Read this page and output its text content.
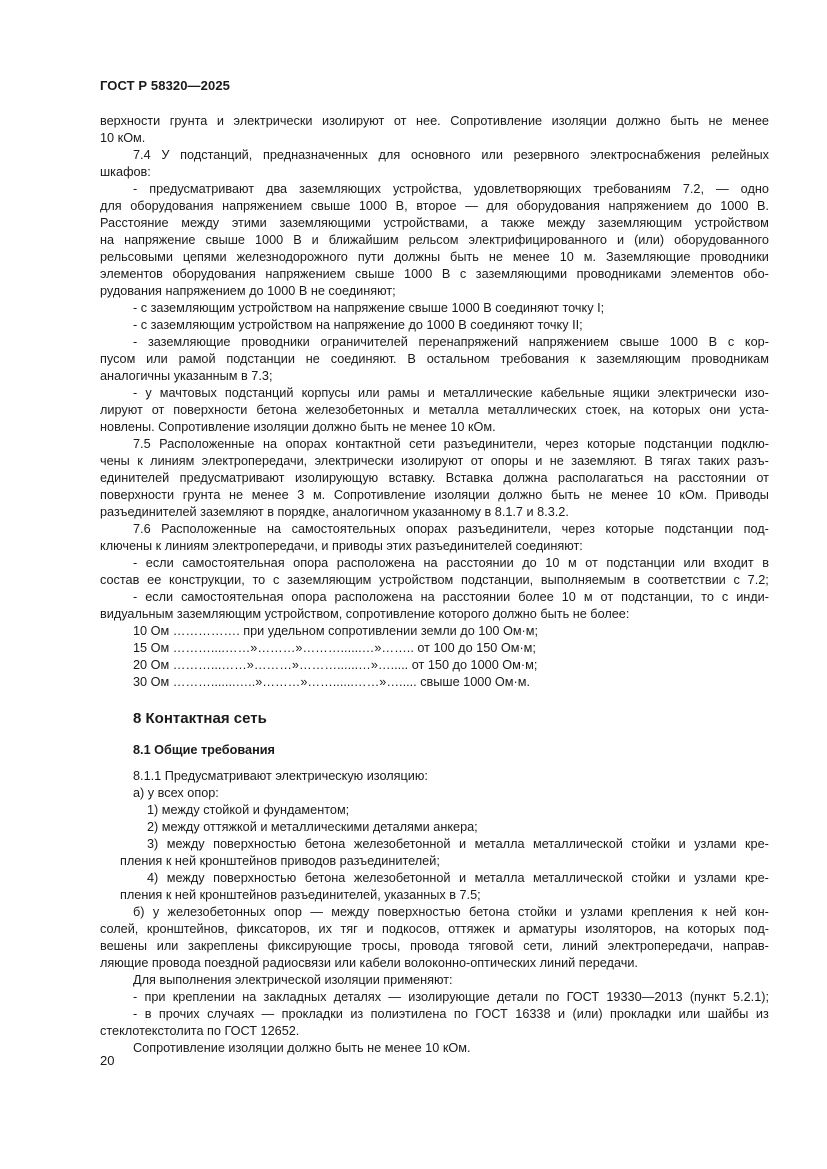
ГОСТ Р 58320—2025
верхности грунта и электрически изолируют от нее. Сопротивление изоляции должно быть не менее
10 кОм.
7.4 У подстанций, предназначенных для основного или резервного электроснабжения релейных
шкафов:
- предусматривают два заземляющих устройства, удовлетворяющих требованиям 7.2, — одно
для оборудования напряжением свыше 1000 В, второе — для оборудования напряжением до 1000 В.
Расстояние между этими заземляющими устройствами, а также между заземляющим устройством
на напряжение свыше 1000 В и ближайшим рельсом электрифицированного и (или) оборудованного
рельсовыми цепями железнодорожного пути должны быть не менее 10 м. Заземляющие проводники
элементов оборудования напряжением свыше 1000 В с заземляющими проводниками элементов обо-
рудования напряжением до 1000 В не соединяют;
- с заземляющим устройством на напряжение свыше 1000 В соединяют точку I;
- с заземляющим устройством на напряжение до 1000 В соединяют точку II;
- заземляющие проводники ограничителей перенапряжений напряжением свыше 1000 В с кор-
пусом или рамой подстанции не соединяют. В остальном требования к заземляющим проводникам
аналогичны указанным в 7.3;
- у мачтовых подстанций корпусы или рамы и металлические кабельные ящики электрически изо-
лируют от поверхности бетона железобетонных и металла металлических стоек, на которых они уста-
новлены. Сопротивление изоляции должно быть не менее 10 кОм.
7.5 Расположенные на опорах контактной сети разъединители, через которые подстанции подклю-
чены к линиям электропередачи, электрически изолируют от опоры и не заземляют. В тягах таких разъ-
единителей предусматривают изолирующую вставку. Вставка должна располагаться на расстоянии от
поверхности грунта не менее 3 м. Сопротивление изоляции должно быть не менее 10 кОм. Приводы
разъединителей заземляют в порядке, аналогичном указанному в 8.1.7 и 8.3.2.
7.6 Расположенные на самостоятельных опорах разъединители, через которые подстанции под-
ключены к линиям электропередачи, и приводы этих разъединителей соединяют:
- если самостоятельная опора расположена на расстоянии до 10 м от подстанции или входит в
состав ее конструкции, то с заземляющим устройством подстанции, выполняемым в соответствии с 7.2;
- если самостоятельная опора расположена на расстоянии более 10 м от подстанции, то с инди-
видуальным заземляющим устройством, сопротивление которого должно быть не более:
10 Ом ……………. при удельном сопротивлении земли до 100 Ом·м;
15 Ом ………....……»………»………......…»…….. от 100 до 150 Ом·м;
20 Ом ………...……»………»………......…»…..... от 150 до 1000 Ом·м;
30 Ом ……….......…..»………»……......……»…..... свыше 1000 Ом·м.
8 Контактная сеть
8.1 Общие требования
8.1.1 Предусматривают электрическую изоляцию:
а) у всех опор:
1) между стойкой и фундаментом;
2) между оттяжкой и металлическими деталями анкера;
3) между поверхностью бетона железобетонной и металла металлической стойки и узлами кре-
пления к ней кронштейнов приводов разъединителей;
4) между поверхностью бетона железобетонной и металла металлической стойки и узлами кре-
пления к ней кронштейнов разъединителей, указанных в 7.5;
б) у железобетонных опор — между поверхностью бетона стойки и узлами крепления к ней кон-
солей, кронштейнов, фиксаторов, их тяг и подкосов, оттяжек и арматуры изоляторов, на которых под-
вешены или закреплены фиксирующие тросы, провода тяговой сети, линий электропередачи, направ-
ляющие провода поездной радиосвязи или кабели волоконно-оптических линий передачи.
Для выполнения электрической изоляции применяют:
- при креплении на закладных деталях — изолирующие детали по ГОСТ 19330—2013 (пункт 5.2.1);
- в прочих случаях — прокладки из полиэтилена по ГОСТ 16338 и (или) прокладки или шайбы из
стеклотекстолита по ГОСТ 12652.
Сопротивление изоляции должно быть не менее 10 кОм.
20
